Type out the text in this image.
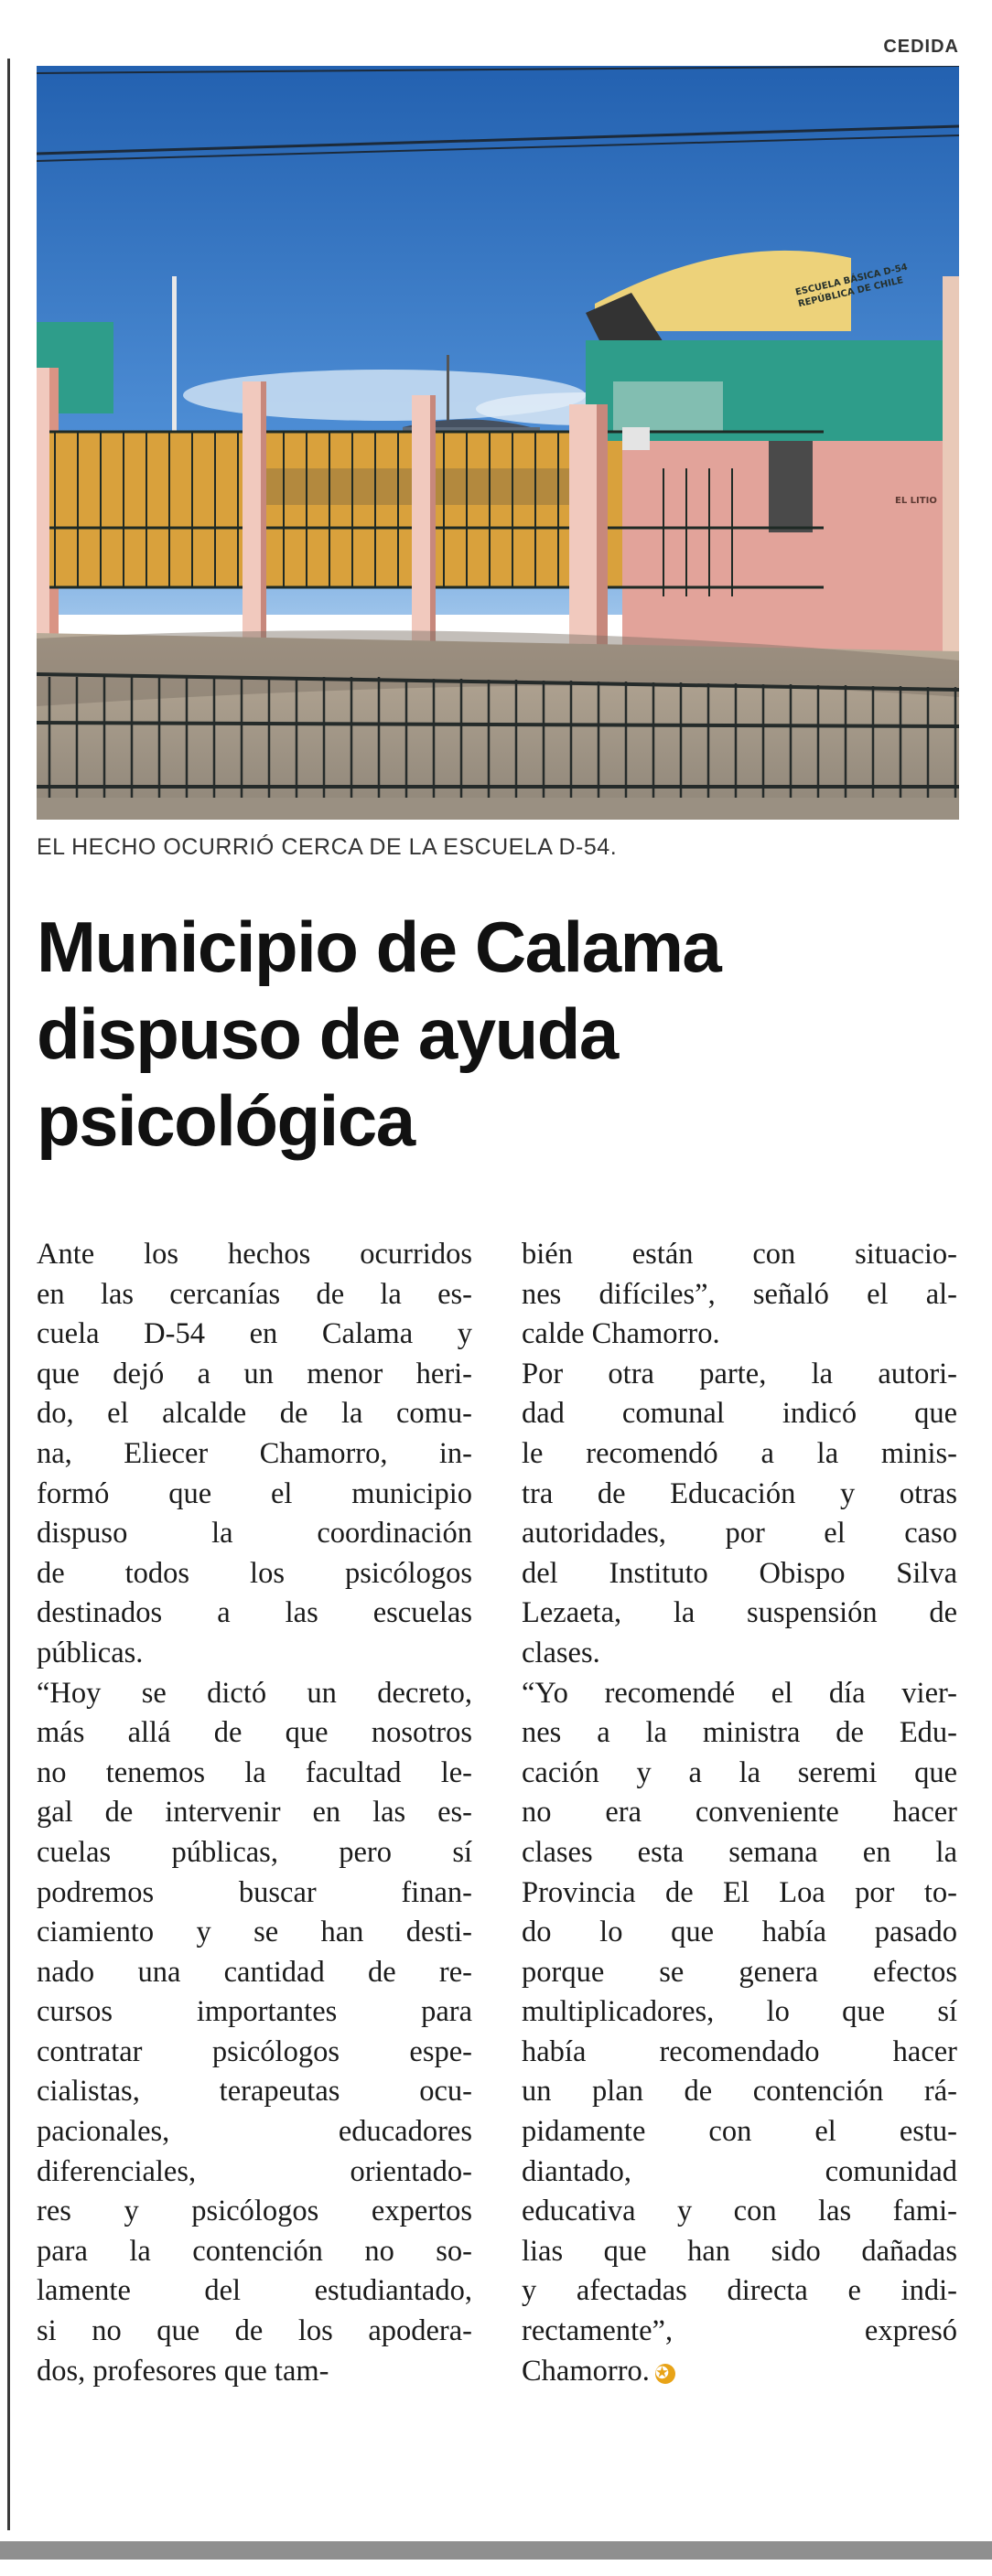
CEDIDA
ESCUELA BÁSICA D-54 REPÚBLICA DE CHILE
EL LITIO
EL HECHO OCURRIÓ CERCA DE LA ESCUELA D-54.
Municipio de Calama
dispuso de ayuda
psicológica
Ante los hechos ocurridos
en las cercanías de la es-
cuela D-54 en Calama y
que dejó a un menor heri-
do, el alcalde de la comu-
na, Eliecer Chamorro, in-
formó que el municipio
dispuso la coordinación
de todos los psicólogos
destinados a las escuelas
públicas.
“Hoy se dictó un decreto,
más allá de que nosotros
no tenemos la facultad le-
gal de intervenir en las es-
cuelas públicas, pero sí
podremos buscar finan-
ciamiento y se han desti-
nado una cantidad de re-
cursos importantes para
contratar psicólogos espe-
cialistas, terapeutas ocu-
pacionales, educadores
diferenciales, orientado-
res y psicólogos expertos
para la contención no so-
lamente del estudiantado,
si no que de los apodera-
dos, profesores que tam-
bién están con situacio-
nes difíciles”, señaló el al-
calde Chamorro.
Por otra parte, la autori-
dad comunal indicó que
le recomendó a la minis-
tra de Educación y otras
autoridades, por el caso
del Instituto Obispo Silva
Lezaeta, la suspensión de
clases.
“Yo recomendé el día vier-
nes a la ministra de Edu-
cación y a la seremi que
no era conveniente hacer
clases esta semana en la
Provincia de El Loa por to-
do lo que había pasado
porque se genera efectos
multiplicadores, lo que sí
había recomendado hacer
un plan de contención rá-
pidamente con el estu-
diantado, comunidad
educativa y con las fami-
lias que han sido dañadas
y afectadas directa e indi-
rectamente”, expresó
Chamorro. ✪
